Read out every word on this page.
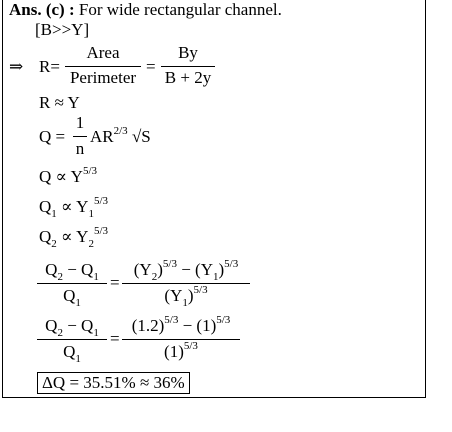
Ans. (c) : For wide rectangular channel.
[B>>Y]
⇒ R=
Area
Perimeter
=
By
B + 2y
R ≈ Y
Q =
1
n
$AR^{2/3}$ √S
$Q \propto Y^{5/3}$
$Q_1 \propto Y_1^{5/3}$
$Q_2 \propto Y_2^{5/3}$
$Q_2 - Q_1$
$Q_1$
=
$(Y_2)^{5/3} - (Y_1)^{5/3}$
$(Y_1)^{5/3}$
$Q_2 - Q_1$
$Q_1$
=
$(1.2)^{5/3} - (1)^{5/3}$
$(1)^{5/3}$
ΔQ = 35.51% ≈ 36%
